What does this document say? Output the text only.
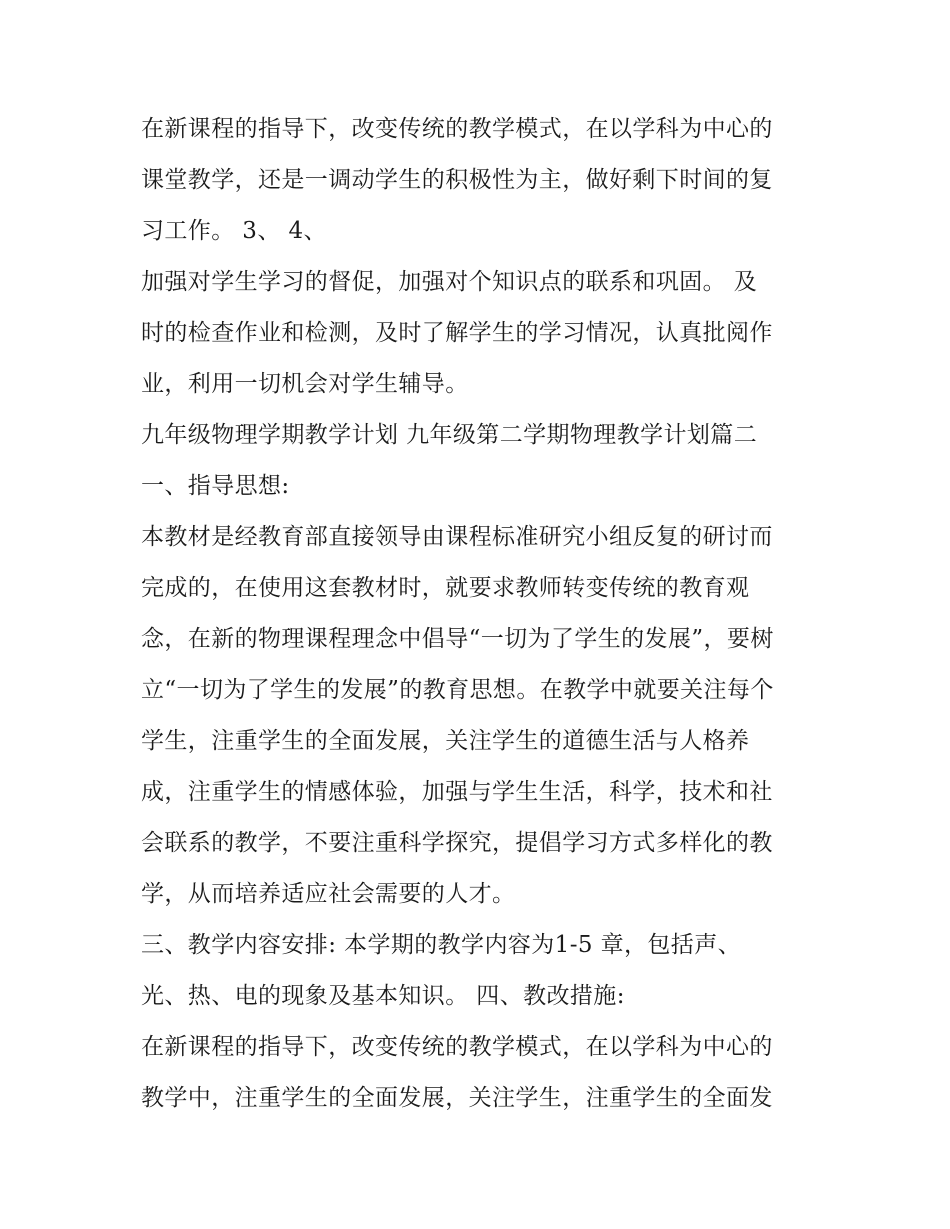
在新课程的指导下，改变传统的教学模式，在以学科为中心的
课堂教学，还是一调动学生的积极性为主，做好剩下时间的复
习工作。 3、 4、
加强对学生学习的督促，加强对个知识点的联系和巩固。 及
时的检查作业和检测，及时了解学生的学习情况，认真批阅作
业，利用一切机会对学生辅导。
九年级物理学期教学计划 九年级第二学期物理教学计划篇二
一、指导思想:
本教材是经教育部直接领导由课程标准研究小组反复的研讨而
完成的，在使用这套教材时，就要求教师转变传统的教育观
念，在新的物理课程理念中倡导“一切为了学生的发展”，要树
立“一切为了学生的发展”的教育思想。在教学中就要关注每个
学生，注重学生的全面发展，关注学生的道德生活与人格养
成，注重学生的情感体验，加强与学生生活，科学，技术和社
会联系的教学，不要注重科学探究，提倡学习方式多样化的教
学，从而培养适应社会需要的人才。
三、教学内容安排: 本学期的教学内容为1-5 章，包括声、
光、热、电的现象及基本知识。 四、教改措施:
在新课程的指导下，改变传统的教学模式，在以学科为中心的
教学中，注重学生的全面发展，关注学生，注重学生的全面发
